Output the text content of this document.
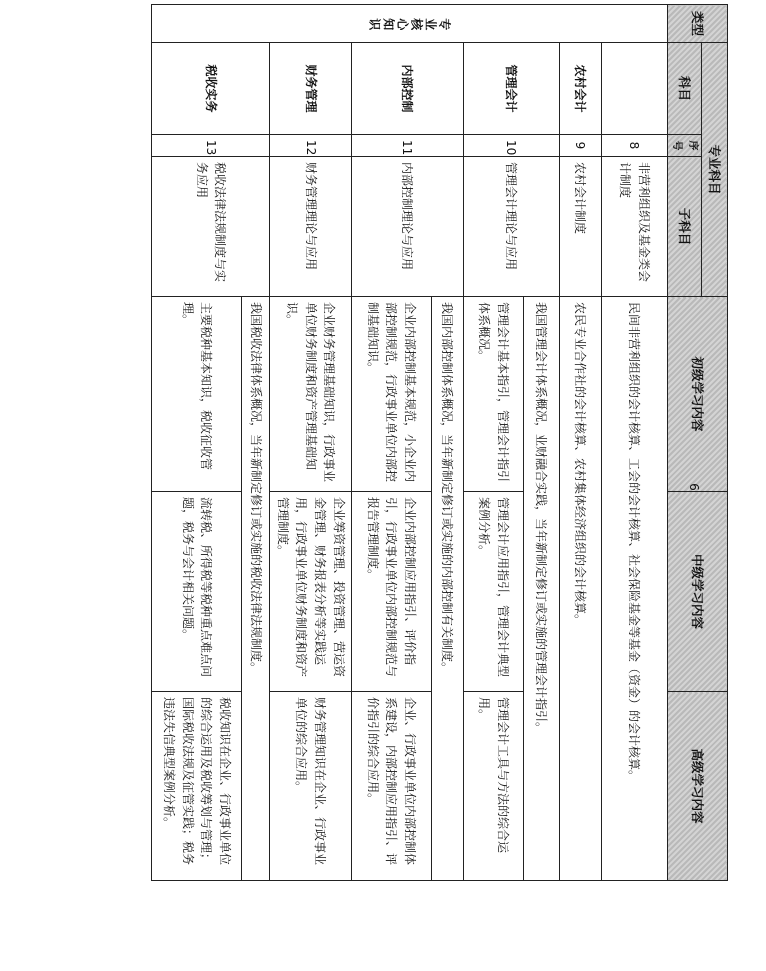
类型	专业科目			初级学习内容	中级学习内容	高级学习内容
	科目	序号	子科目			
专业核心知识		8	非营利组织及基金类会计制度	民间非营利组织的会计核算、工会的会计核算、社会保险基金等基金（资金）的会计核算。		
	农村会计	9	农村会计制度	农民专业合作社的会计核算、农村集体经济组织的会计核算。		
	管理会计	10	管理会计理论与应用	我国管理会计体系概况，业财融合实践，当年新制定修订或实施的管理会计指引。		
				管理会计基本指引，管理会计指引体系概况。	管理会计应用指引，管理会计典型案例分析。	管理会计工具与方法的综合运用。
	内部控制	11	内部控制理论与应用	我国内部控制体系概况，当年新制定修订或实施的内部控制有关制度。		
				企业内部控制基本规范，小企业内部控制规范，行政事业单位内部控制基础知识。	企业内部控制应用指引、评价指引，行政事业单位内部控制规范与报告管理制度。	企业、行政事业单位内部控制体系建设，内部控制应用指引、评价指引的综合应用。
	财务管理	12	财务管理理论与应用	企业财务管理基础知识，行政事业单位财务制度和资产管理基础知识。	企业筹资管理、投资管理、营运资金管理、财务报表分析等实践运用，行政事业单位财务制度和资产管理制度。	财务管理知识在企业、行政事业单位的综合应用。
	税收实务	13	税收法律法规制度与实务应用	我国税收法律体系概况，当年新制定修订或实施的税收法律法规制度。		
				主要税种基本知识，税收征收管理。	流转税、所得税等税种重点难点问题，税务与会计相关问题。	税收知识在企业、行政事业单位的综合运用及税收筹划与管理；国际税收法规及征管实践；税务违法失信典型案例分析。
6
